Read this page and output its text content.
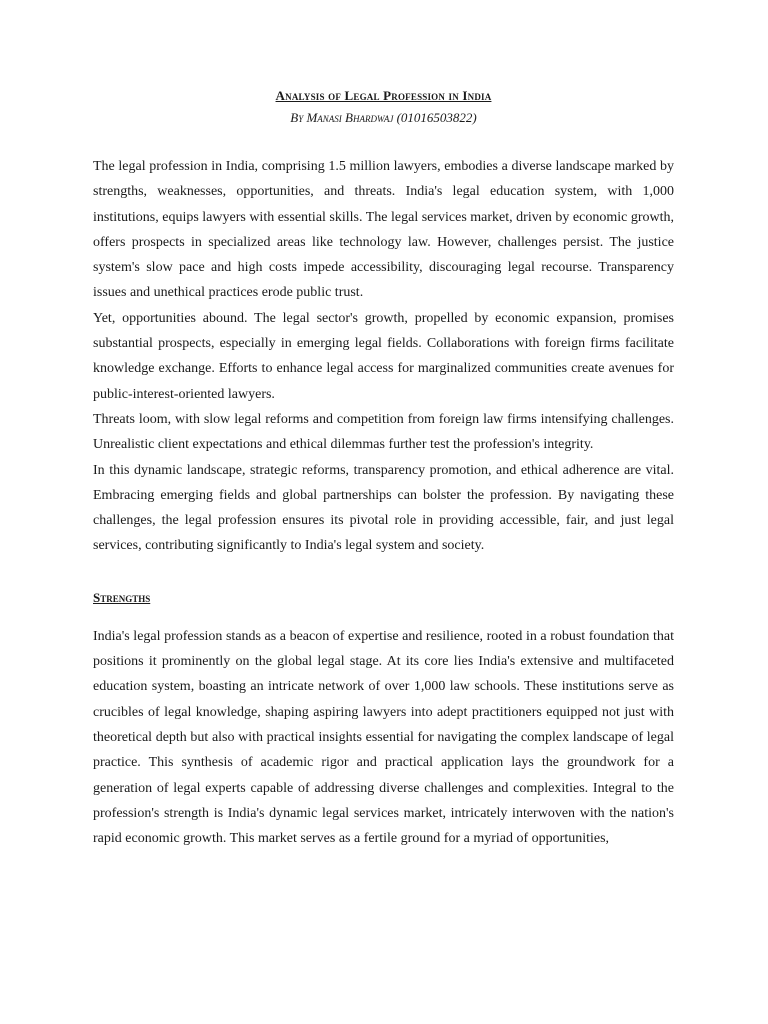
Analysis of Legal Profession in India

By Manasi Bhardwaj (01016503822)

The legal profession in India, comprising 1.5 million lawyers, embodies a diverse landscape marked by strengths, weaknesses, opportunities, and threats. India's legal education system, with 1,000 institutions, equips lawyers with essential skills. The legal services market, driven by economic growth, offers prospects in specialized areas like technology law. However, challenges persist. The justice system's slow pace and high costs impede accessibility, discouraging legal recourse. Transparency issues and unethical practices erode public trust.

Yet, opportunities abound. The legal sector's growth, propelled by economic expansion, promises substantial prospects, especially in emerging legal fields. Collaborations with foreign firms facilitate knowledge exchange. Efforts to enhance legal access for marginalized communities create avenues for public-interest-oriented lawyers.

Threats loom, with slow legal reforms and competition from foreign law firms intensifying challenges. Unrealistic client expectations and ethical dilemmas further test the profession's integrity.

In this dynamic landscape, strategic reforms, transparency promotion, and ethical adherence are vital. Embracing emerging fields and global partnerships can bolster the profession. By navigating these challenges, the legal profession ensures its pivotal role in providing accessible, fair, and just legal services, contributing significantly to India's legal system and society.

Strengths

India's legal profession stands as a beacon of expertise and resilience, rooted in a robust foundation that positions it prominently on the global legal stage. At its core lies India's extensive and multifaceted education system, boasting an intricate network of over 1,000 law schools. These institutions serve as crucibles of legal knowledge, shaping aspiring lawyers into adept practitioners equipped not just with theoretical depth but also with practical insights essential for navigating the complex landscape of legal practice. This synthesis of academic rigor and practical application lays the groundwork for a generation of legal experts capable of addressing diverse challenges and complexities. Integral to the profession's strength is India's dynamic legal services market, intricately interwoven with the nation's rapid economic growth. This market serves as a fertile ground for a myriad of opportunities,
